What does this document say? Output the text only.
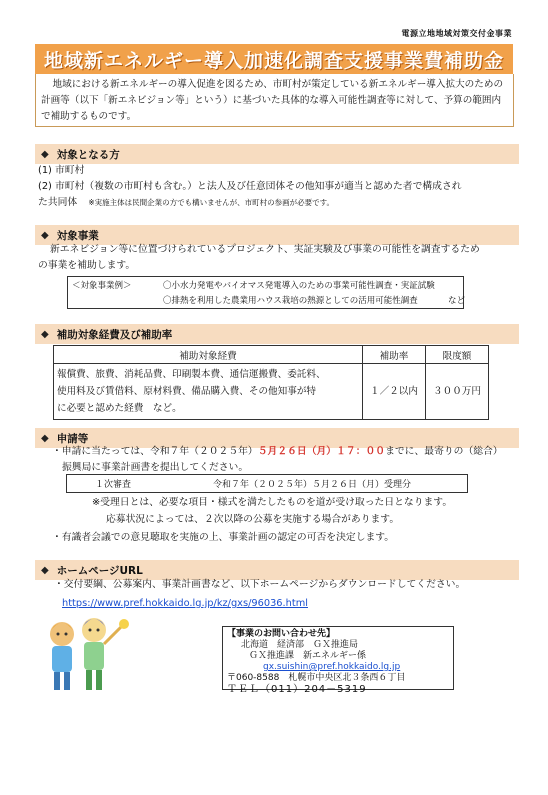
電源立地地域対策交付金事業
地域新エネルギー導入加速化調査支援事業費補助金
地域における新エネルギーの導入促進を図るため、市町村が策定している新エネルギー導入拡大のための
計画等（以下「新エネビジョン等」という）に基づいた具体的な導入可能性調査等に対して、予算の範囲内
で補助するものです。
◆ 対象となる方
(1) 市町村
(2) 市町村（複数の市町村も含む。）と法人及び任意団体その他知事が適当と認めた者で構成され
た共同体 ※実施主体は民間企業の方でも構いませんが、市町村の参画が必要です。
◆ 対象事業
新エネビジョン等に位置づけられているプロジェクト、実証実験及び事業の可能性を調査するため
の事業を補助します。
＜対象事業例＞	〇小水力発電やバイオマス発電導入のための事業可能性調査・実証試験
〇排熱を利用した農業用ハウス栽培の熱源としての活用可能性調査	など
◆ 補助対象経費及び補助率
補助対象経費	補助率	限度額

報償費、旅費、消耗品費、印刷製本費、通信運搬費、委託料、
使用料及び賃借料、原材料費、備品購入費、その他知事が特
に必要と認めた経費　など。	１／２以内	３００万円
◆ 申請等
・申請に当たっては、令和７年（２０２５年）５月２６日（月）１７：００までに、最寄りの（総合）
振興局に事業計画書を提出してください。
１次審査	令和７年（２０２５年）５月２６日（月）受理分
※受理日とは、必要な項目・様式を満たしたものを道が受け取った日となります。
応募状況によっては、２次以降の公募を実施する場合があります。
・有識者会議での意見聴取を実施の上、事業計画の認定の可否を決定します。
◆ ホームページURL
・交付要綱、公募案内、事業計画書など、以下ホームページからダウンロードしてください。
https://www.pref.hokkaido.lg.jp/kz/gxs/96036.html
【事業のお問い合わせ先】
北海道　経済部　ＧＸ推進局
ＧＸ推進課　新エネルギー係
gx.suishin@pref.hokkaido.lg.jp
〒060-8588　札幌市中央区北３条西６丁目
ＴＥＬ（011）204－5319
